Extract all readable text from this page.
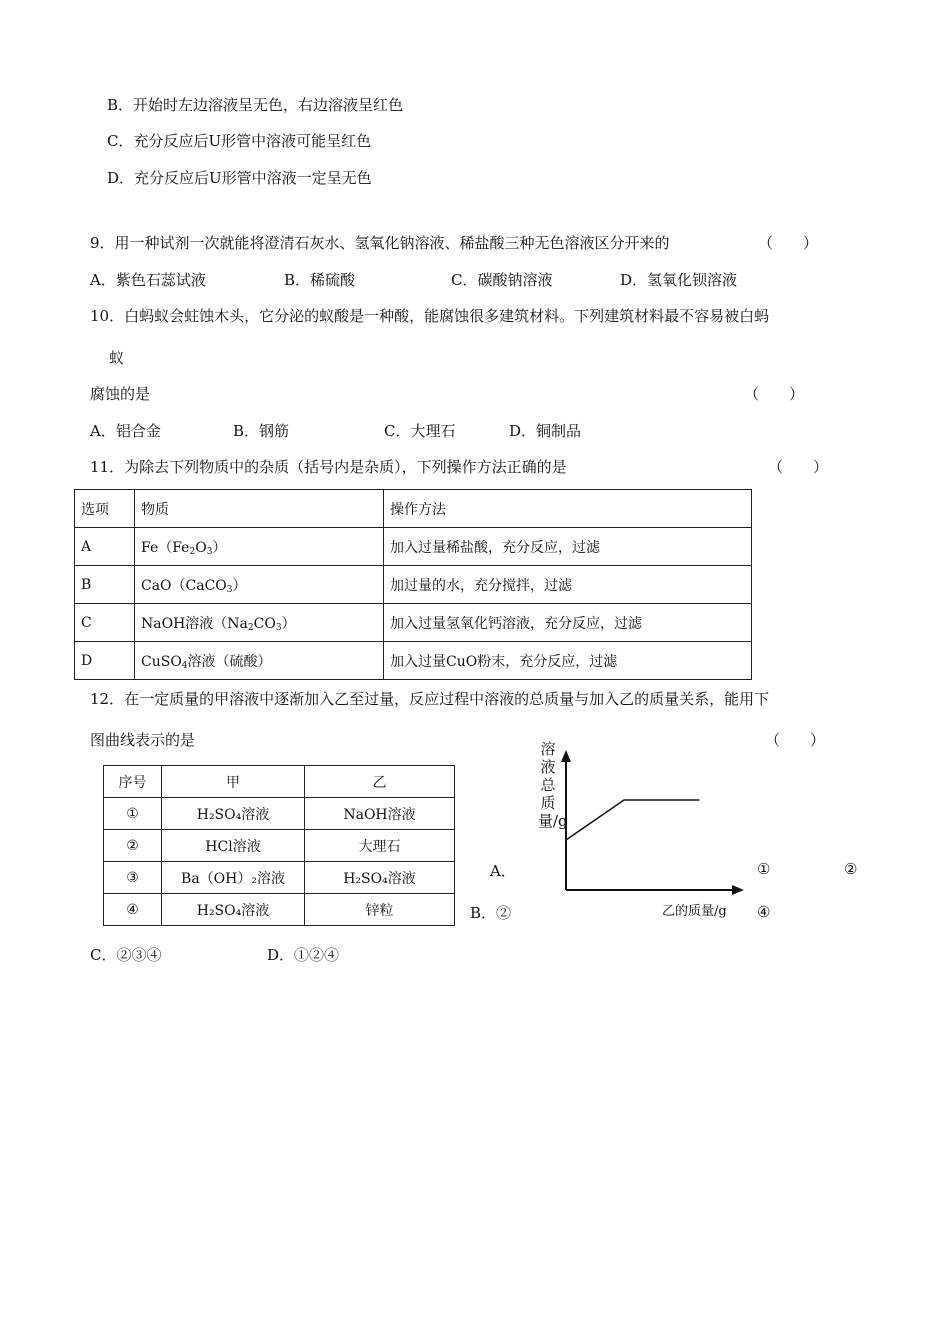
B．开始时左边溶液呈无色，右边溶液呈红色
C．充分反应后U形管中溶液可能呈红色
D．充分反应后U形管中溶液一定呈无色
9．用一种试剂一次就能将澄清石灰水、氢氧化钠溶液、稀盐酸三种无色溶液区分开来的	（　　）
A．紫色石蕊试液	B．稀硫酸	C．碳酸钠溶液	D．氢氧化钡溶液
10．白蚂蚁会蛀蚀木头，它分泌的蚁酸是一种酸，能腐蚀很多建筑材料。下列建筑材料最不容易被白蚂
蚁
腐蚀的是	（　　）
A．铝合金	B．钢筋	C．大理石	D．铜制品
11．为除去下列物质中的杂质（括号内是杂质），下列操作方法正确的是	（　　）
选项	物质	操作方法
A	$Fe(Fe_2O_3)$	加入过量稀盐酸，充分反应，过滤
B	CaO（CaCO$_3$）	加过量的水，充分搅拌，过滤
C	NaOH溶液$(Na_2CO_3)$	加入过量氢氧化钙溶液，充分反应，过滤
D	CuSO$_4$溶液（硫酸）	加入过量CuO粉末，充分反应，过滤
12．在一定质量的甲溶液中逐渐加入乙至过量，反应过程中溶液的总质量与加入乙的质量关系，能用下
图曲线表示的是	（　　）
序号	甲	乙
①	H₂SO₄溶液	NaOH溶液
②	HCl溶液	大理石
③	Ba（OH）₂溶液	H₂SO₄溶液
④	H₂SO₄溶液	锌粒
溶液总质量/g
乙的质量/g
A．	①	②
B．②	④
C．②③④	D．①②④
